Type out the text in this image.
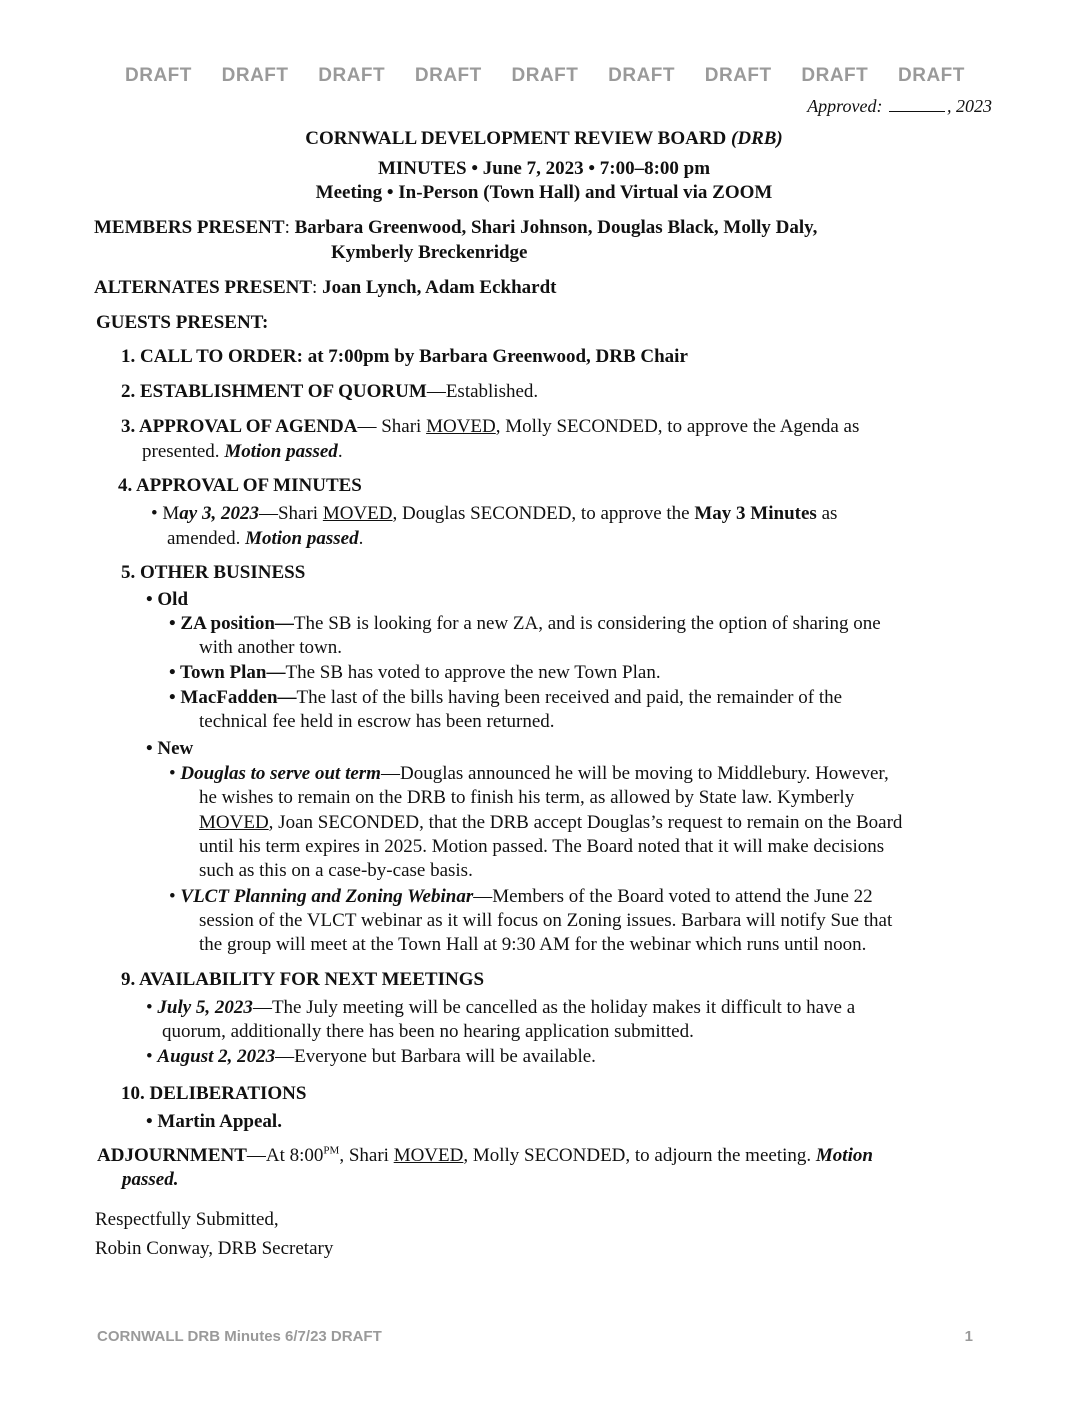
DRAFT DRAFT DRAFT DRAFT DRAFT DRAFT DRAFT DRAFT DRAFT
Approved:	, 2023
CORNWALL DEVELOPMENT REVIEW BOARD (DRB)
MINUTES • June 7, 2023 • 7:00–8:00 pm
Meeting • In-Person (Town Hall) and Virtual via ZOOM
MEMBERS PRESENT: Barbara Greenwood, Shari Johnson, Douglas Black, Molly Daly,
Kymberly Breckenridge
ALTERNATES PRESENT: Joan Lynch, Adam Eckhardt
GUESTS PRESENT:
1. CALL TO ORDER: at 7:00pm by Barbara Greenwood, DRB Chair
2. ESTABLISHMENT OF QUORUM—Established.
3. APPROVAL OF AGENDA— Shari MOVED, Molly SECONDED, to approve the Agenda as
presented. Motion passed.
4. APPROVAL OF MINUTES
• May 3, 2023—Shari MOVED, Douglas SECONDED, to approve the May 3 Minutes as
amended. Motion passed.
5. OTHER BUSINESS
• Old
• ZA position—The SB is looking for a new ZA, and is considering the option of sharing one
with another town.
• Town Plan—The SB has voted to approve the new Town Plan.
• MacFadden—The last of the bills having been received and paid, the remainder of the
technical fee held in escrow has been returned.
• New
• Douglas to serve out term—Douglas announced he will be moving to Middlebury. However,
he wishes to remain on the DRB to finish his term, as allowed by State law. Kymberly
MOVED, Joan SECONDED, that the DRB accept Douglas’s request to remain on the Board
until his term expires in 2025. Motion passed. The Board noted that it will make decisions
such as this on a case-by-case basis.
• VLCT Planning and Zoning Webinar—Members of the Board voted to attend the June 22
session of the VLCT webinar as it will focus on Zoning issues. Barbara will notify Sue that
the group will meet at the Town Hall at 9:30 AM for the webinar which runs until noon.
9. AVAILABILITY FOR NEXT MEETINGS
• July 5, 2023—The July meeting will be cancelled as the holiday makes it difficult to have a
quorum, additionally there has been no hearing application submitted.
• August 2, 2023—Everyone but Barbara will be available.
10. DELIBERATIONS
• Martin Appeal.
ADJOURNMENT—At $8:00^{PM}$, Shari MOVED, Molly SECONDED, to adjourn the meeting. Motion
passed.
Respectfully Submitted,
Robin Conway, DRB Secretary
CORNWALL DRB Minutes 6/7/23 DRAFT	1
